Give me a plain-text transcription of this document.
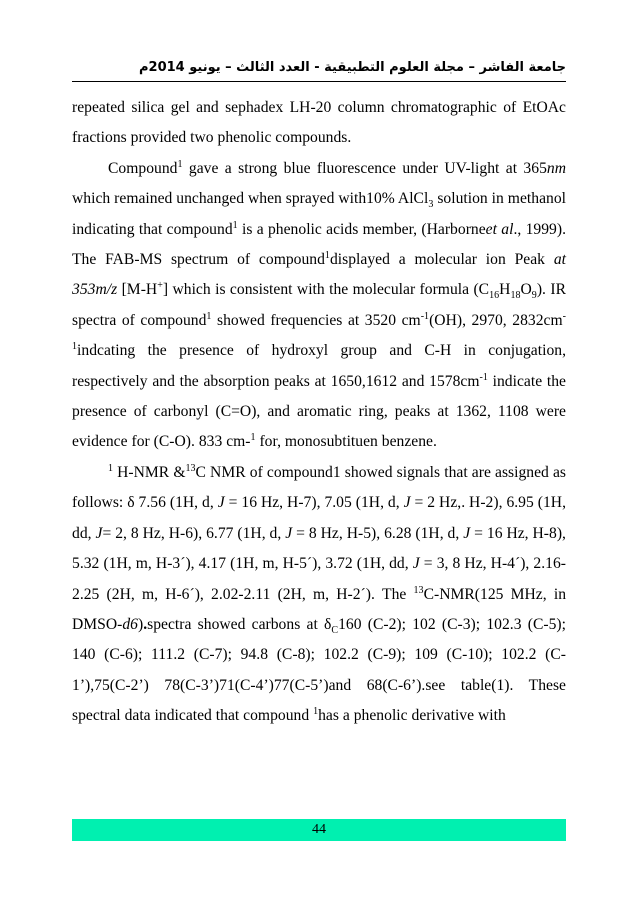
جامعة الفاشر – مجلة العلوم التطبيقية - العدد الثالث – يونيو 2014م

repeated silica gel and sephadex LH-20 column chromatographic of EtOAc fractions provided two phenolic compounds.

Compound$^1$ gave a strong blue fluorescence under UV-light at 365nm which remained unchanged when sprayed with10% AlCl$_3$ solution in methanol indicating that compound$^1$ is a phenolic acids member, (Harborneet al., 1999). The FAB-MS spectrum of compound$^1$displayed a molecular ion Peak at 353m/z [M-H+] which is consistent with the molecular formula $(C_{16}H_{18}O_9)$. IR spectra of compound$^1$ showed frequencies at 3520 $cm^{-1}(OH)$, 2970, $2832cm^{-1}indcating$ the presence of hydroxyl group and C-H in conjugation, respectively and the absorption peaks at 1650,1612 and $1578cm^{-1}$ indicate the presence of carbonyl (C=O), and aromatic ring, peaks at 1362, 1108 were evidence for (C-O). 833 cm-$^1$ for, monosubtituen benzene.

$^1$ H-NMR &$^{13}$C NMR of compound1 showed signals that are assigned as follows: δ 7.56 (1H, d, J = 16 Hz, H-7), 7.05 (1H, d, J = 2 Hz,. H-2), 6.95 (1H, dd, J= 2, 8 Hz, H-6), 6.77 (1H, d, J = 8 Hz, H-5), 6.28 (1H, d, J = 16 Hz, H-8), 5.32 (1H, m, H-3´), 4.17 (1H, m, H-5´), 3.72 (1H, dd, J = 3, 8 Hz, H-4´), 2.16-2.25 (2H, m, H-6´), 2.02-2.11 (2H, m, H-2´). The $^{13}$C-NMR(125 MHz, in DMSO-d6).spectra showed carbons at $\delta_C160$ (C-2); 102 (C-3); 102.3 (C-5); 140 (C-6); 111.2 (C-7); 94.8 (C-8); 102.2 (C-9); 109 (C-10); 102.2 (C-1’),75(C-2’) 78(C-3’)71(C-4’)77(C-5’)and 68(C-6’).see table(1). These spectral data indicated that compound $^1$has a phenolic derivative with

44
